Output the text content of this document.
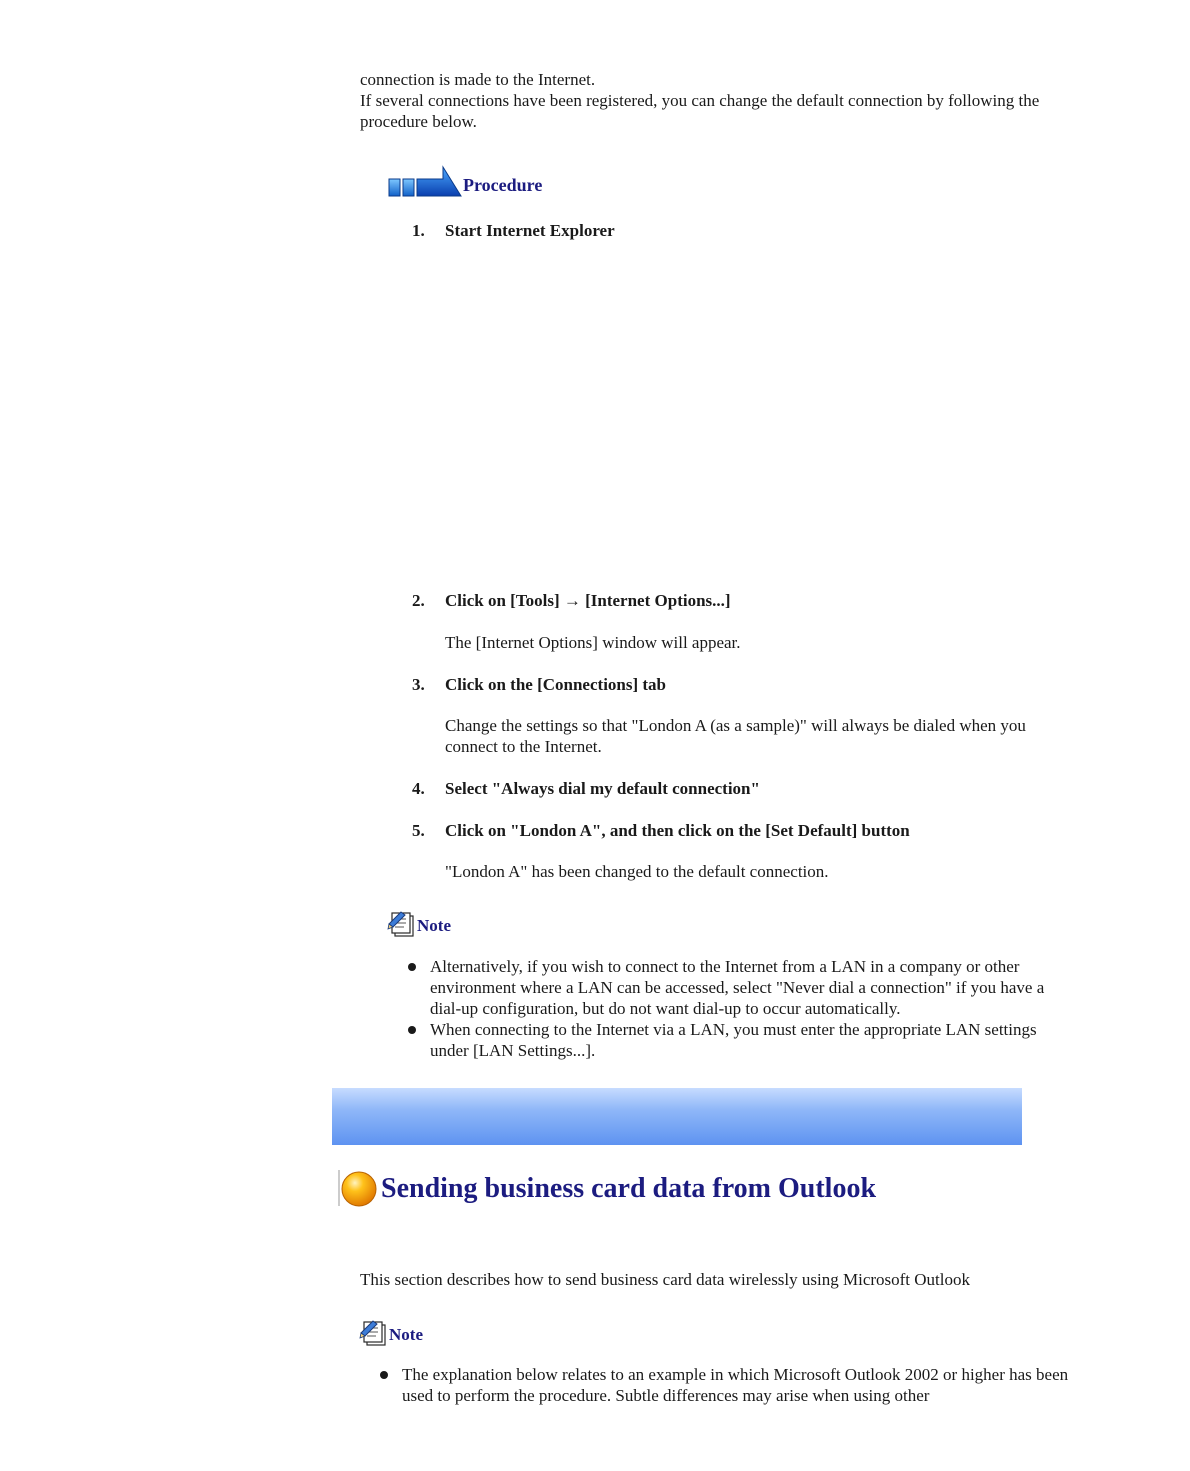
connection is made to the Internet.

If several connections have been registered, you can change the default connection by following the procedure below.

Procedure
1.	Start Internet Explorer
2.	Click on [Tools] → [Internet Options...]

The [Internet Options] window will appear.

3.	Click on the [Connections] tab

Change the settings so that "London A (as a sample)" will always be dialed when you connect to the Internet.

4.	Select "Always dial my default connection"
5.	Click on "London A", and then click on the [Set Default] button

"London A" has been changed to the default connection.

Note
Alternatively, if you wish to connect to the Internet from a LAN in a company or other environment where a LAN can be accessed, select "Never dial a connection" if you have a dial-up configuration, but do not want dial-up to occur automatically.
When connecting to the Internet via a LAN, you must enter the appropriate LAN settings under [LAN Settings...].
Sending business card data from Outlook

This section describes how to send business card data wirelessly using Microsoft Outlook

Note
The explanation below relates to an example in which Microsoft Outlook 2002 or higher has been used to perform the procedure. Subtle differences may arise when using other
